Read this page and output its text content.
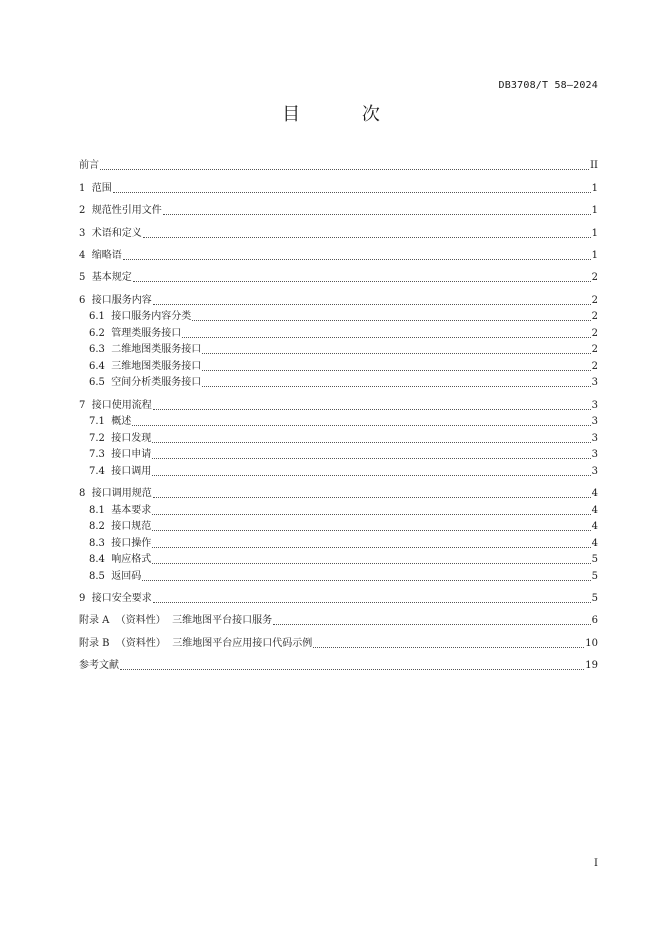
DB3708/T 58—2024
目 次
前言	II
1  范围	1
2  规范性引用文件	1
3  术语和定义	1
4  缩略语	1
5  基本规定	2
6  接口服务内容	2
6.1  接口服务内容分类	2
6.2  管理类服务接口	2
6.3  二维地图类服务接口	2
6.4  三维地图类服务接口	2
6.5  空间分析类服务接口	3
7  接口使用流程	3
7.1  概述	3
7.2  接口发现	3
7.3  接口申请	3
7.4  接口调用	3
8  接口调用规范	4
8.1  基本要求	4
8.2  接口规范	4
8.3  接口操作	4
8.4  响应格式	5
8.5  返回码	5
9  接口安全要求	5
附录 A  （资料性）  三维地图平台接口服务	6
附录 B  （资料性）  三维地图平台应用接口代码示例	10
参考文献	19
I
